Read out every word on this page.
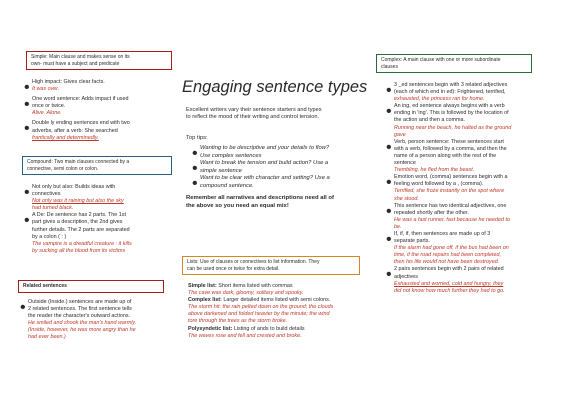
Simple: Main clause and makes sense on its
own- must have a subject and predicate
• High impact: Gives clear facts.
It was over.
• One word sentence: Adds impact if used
once or twice.
Alive. Alone.
• Double ly ending sentences end with two
adverbs, after a verb: She searched
frantically and determinedly.
Compound: Two main clauses connected by a
connective, semi colon or colon.
• Not only but also: Builds ideas with
connectives
Not only was it raining but also the sky
had turned black.
• A De: De sentence has 2 parts. The 1st
part gives a description, the 2nd gives
further details. The 2 parts are separated
by a colon ( : )
The vampire is a dreadful creature : it kills
by sucking all the blood from its victims
Related sentences
• Outside (Inside.) sentences are made up of
2 related sentences. The first sentence tells
the reader the character's outward actions.
He smiled and shook the man's hand warmly.
(Inside, however, he was more angry than he
had ever been.)
Engaging sentence types
Excellent writers vary their sentence starters and types
to reflect the mood of their writing and control tension.
Top tips:
• Wanting to be descriptive and your details to flow?
Use complex sentences
• Want to break the tension and build action? Use a
simple sentence
• Want to be clear with character and setting? Use a
compound sentence.
Remember all narratives and descriptions need all of
the above so you need an equal mix!
Lists: Use of clauses or connectives to list information. They
can be used once or twice for extra detail.
Simple list: Short items listed with commas
The cave was dark, gloomy, solitary and spooky.
Complex list: Larger detailed items listed with semi colons.
The storm hit: the rain pelted down on the ground; the clouds
above darkened and folded heavier by the minute; the wind
tore through the trees as the storm broke.
Polysyndetic list: Listing of ands to build details
The waves rose and fell and crested and broke.
Complex: A main clause with one or more subordinate
clauses
• 3 _ed sentences begin with 3 related adjectives
(each of which end in ed): Frightened, terrified,
exhausted, the princess ran for home.
• An ing, ed sentence always begins with a verb
ending in 'ing'. This is followed by the location of
the action and then a comma.
Running near the beach, he halted as the ground
gave
• Verb, person sentence: These sentences start
with a verb, followed by a comma, and then the
name of a person along with the rest of the
sentence
Trembling, he fled from the beast.
• Emotion word, (comma) sentences begin with a
feeling word followed by a , (comma).
Terrified, she froze instantly on the spot where
she stood.
• This sentence has two identical adjectives, one
repeated shortly after the other.
He was a fast runner, fast because he needed to
be.
• If, if, if, then sentences are made up of 3
separate parts.
If the alarm had gone off, if the bus had been on
time, if the road repairs had been completed,
then his life would not have been destroyed.
• 2 pairs sentences begin with 2 pairs of related
adjectives
Exhausted and worried, cold and hungry, they
did not know how much further they had to go.
